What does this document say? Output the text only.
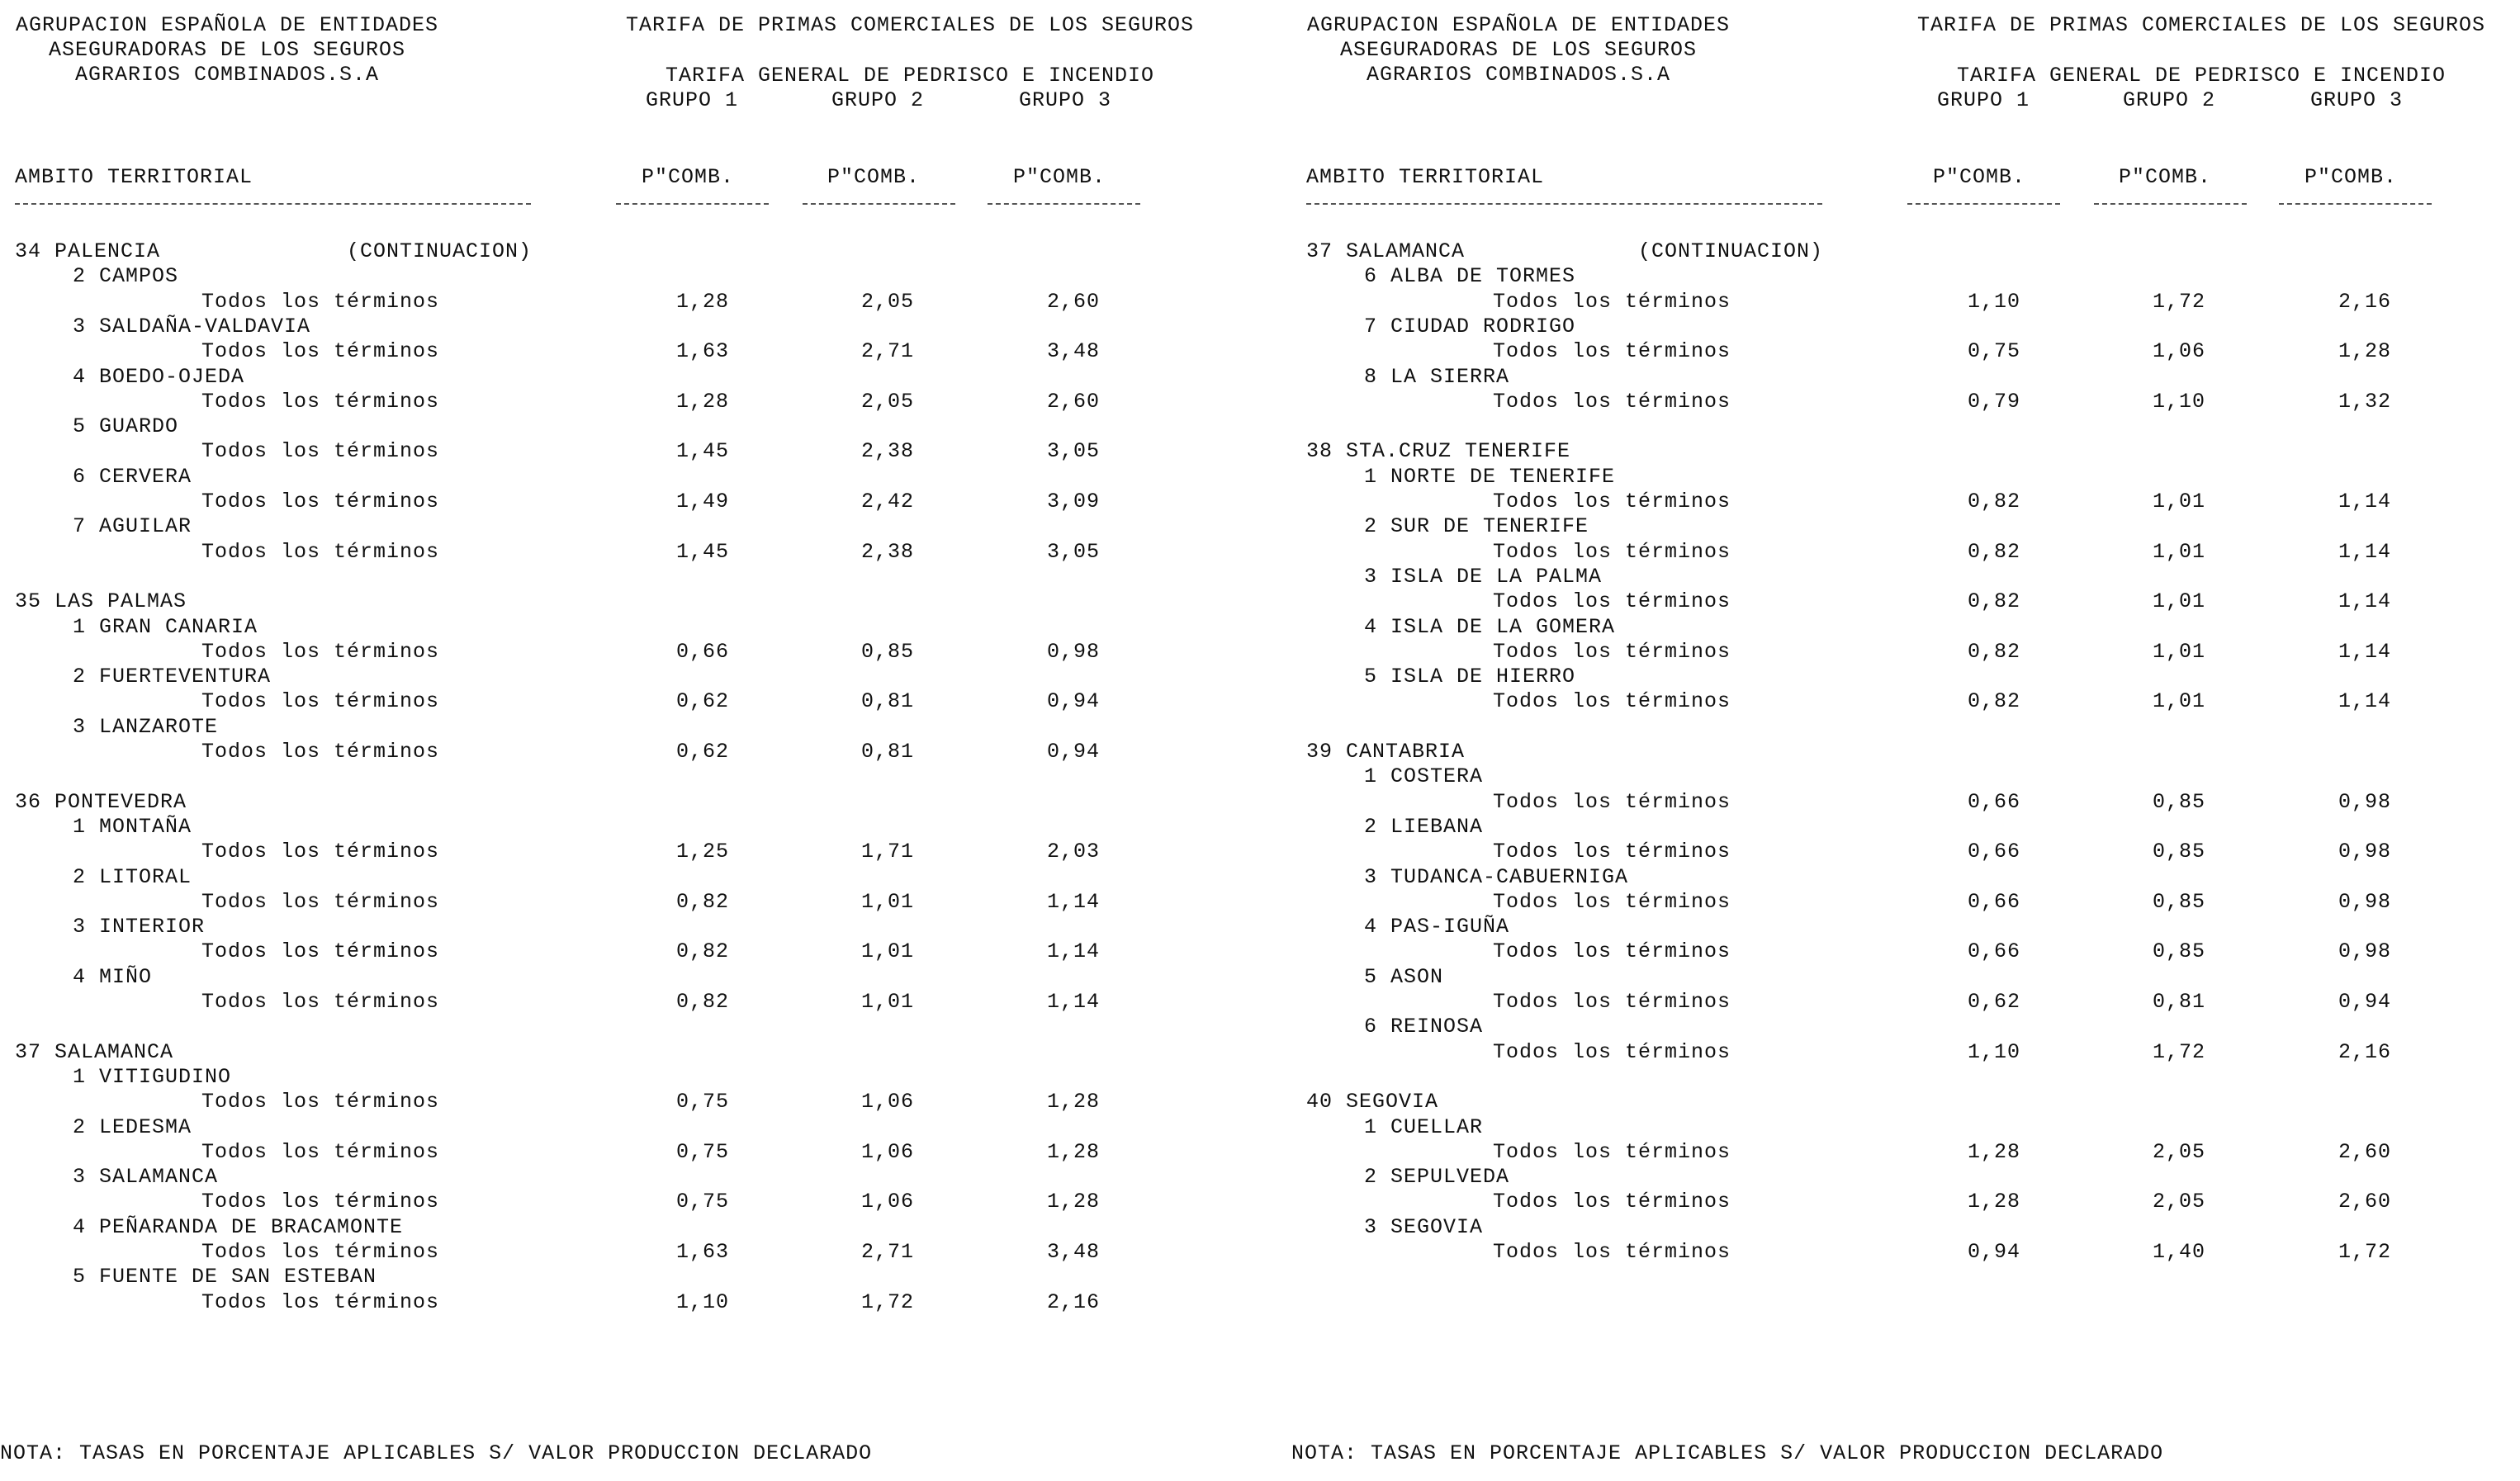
AGRUPACION ESPAÑOLA DE ENTIDADES
ASEGURADORAS DE LOS SEGUROS
AGRARIOS COMBINADOS.S.A
TARIFA DE PRIMAS COMERCIALES DE LOS SEGUROS
TARIFA GENERAL DE PEDRISCO E INCENDIO
GRUPO 1	GRUPO 2	GRUPO 3
AMBITO TERRITORIAL	P"COMB.	P"COMB.	P"COMB.
34 PALENCIA	(CONTINUACION)
2 CAMPOS
Todos los términos	1,28	2,05	2,60
3 SALDAÑA-VALDAVIA
Todos los términos	1,63	2,71	3,48
4 BOEDO-OJEDA
Todos los términos	1,28	2,05	2,60
5 GUARDO
Todos los términos	1,45	2,38	3,05
6 CERVERA
Todos los términos	1,49	2,42	3,09
7 AGUILAR
Todos los términos	1,45	2,38	3,05
35 LAS PALMAS
1 GRAN CANARIA
Todos los términos	0,66	0,85	0,98
2 FUERTEVENTURA
Todos los términos	0,62	0,81	0,94
3 LANZAROTE
Todos los términos	0,62	0,81	0,94
36 PONTEVEDRA
1 MONTAÑA
Todos los términos	1,25	1,71	2,03
2 LITORAL
Todos los términos	0,82	1,01	1,14
3 INTERIOR
Todos los términos	0,82	1,01	1,14
4 MIÑO
Todos los términos	0,82	1,01	1,14
37 SALAMANCA
1 VITIGUDINO
Todos los términos	0,75	1,06	1,28
2 LEDESMA
Todos los términos	0,75	1,06	1,28
3 SALAMANCA
Todos los términos	0,75	1,06	1,28
4 PEÑARANDA DE BRACAMONTE
Todos los términos	1,63	2,71	3,48
5 FUENTE DE SAN ESTEBAN
Todos los términos	1,10	1,72	2,16
NOTA: TASAS EN PORCENTAJE APLICABLES S/ VALOR PRODUCCION DECLARADO
AGRUPACION ESPAÑOLA DE ENTIDADES
ASEGURADORAS DE LOS SEGUROS
AGRARIOS COMBINADOS.S.A
TARIFA DE PRIMAS COMERCIALES DE LOS SEGUROS
TARIFA GENERAL DE PEDRISCO E INCENDIO
GRUPO 1	GRUPO 2	GRUPO 3
AMBITO TERRITORIAL	P"COMB.	P"COMB.	P"COMB.
37 SALAMANCA	(CONTINUACION)
6 ALBA DE TORMES
Todos los términos	1,10	1,72	2,16
7 CIUDAD RODRIGO
Todos los términos	0,75	1,06	1,28
8 LA SIERRA
Todos los términos	0,79	1,10	1,32
38 STA.CRUZ TENERIFE
1 NORTE DE TENERIFE
Todos los términos	0,82	1,01	1,14
2 SUR DE TENERIFE
Todos los términos	0,82	1,01	1,14
3 ISLA DE LA PALMA
Todos los términos	0,82	1,01	1,14
4 ISLA DE LA GOMERA
Todos los términos	0,82	1,01	1,14
5 ISLA DE HIERRO
Todos los términos	0,82	1,01	1,14
39 CANTABRIA
1 COSTERA
Todos los términos	0,66	0,85	0,98
2 LIEBANA
Todos los términos	0,66	0,85	0,98
3 TUDANCA-CABUERNIGA
Todos los términos	0,66	0,85	0,98
4 PAS-IGUÑA
Todos los términos	0,66	0,85	0,98
5 ASON
Todos los términos	0,62	0,81	0,94
6 REINOSA
Todos los términos	1,10	1,72	2,16
40 SEGOVIA
1 CUELLAR
Todos los términos	1,28	2,05	2,60
2 SEPULVEDA
Todos los términos	1,28	2,05	2,60
3 SEGOVIA
Todos los términos	0,94	1,40	1,72
NOTA: TASAS EN PORCENTAJE APLICABLES S/ VALOR PRODUCCION DECLARADO
